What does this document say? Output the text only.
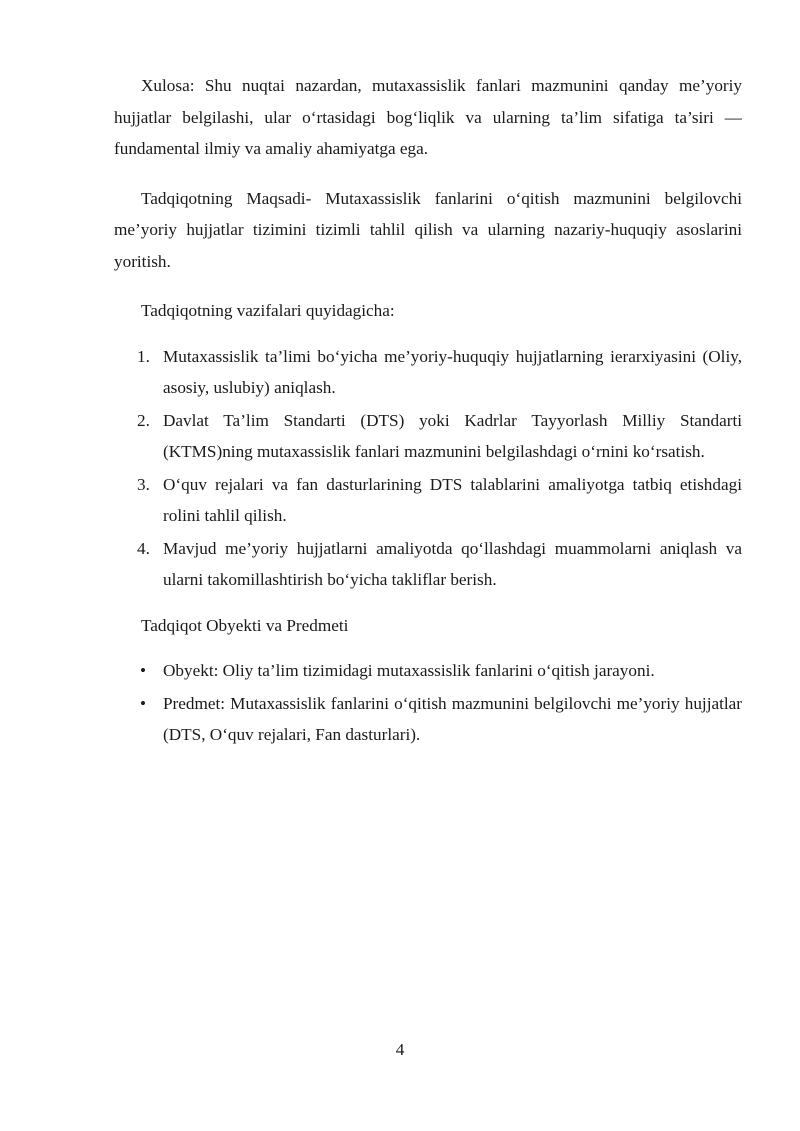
Xulosa: Shu nuqtai nazardan, mutaxassislik fanlari mazmunini qanday me’yoriy hujjatlar belgilashi, ular o‘rtasidagi bog‘liqlik va ularning ta’lim sifatiga ta’siri — fundamental ilmiy va amaliy ahamiyatga ega.

Tadqiqotning Maqsadi- Mutaxassislik fanlarini o‘qitish mazmunini belgilovchi me’yoriy hujjatlar tizimini tizimli tahlil qilish va ularning nazariy-huquqiy asoslarini yoritish.

Tadqiqotning vazifalari quyidagicha:

1. Mutaxassislik ta’limi bo‘yicha me’yoriy-huquqiy hujjatlarning ierarxiyasini (Oliy, asosiy, uslubiy) aniqlash.
2. Davlat Ta’lim Standarti (DTS) yoki Kadrlar Tayyorlash Milliy Standarti (KTMS)ning mutaxassislik fanlari mazmunini belgilashdagi o‘rnini ko‘rsatish.
3. O‘quv rejalari va fan dasturlarining DTS talablarini amaliyotga tatbiq etishdagi rolini tahlil qilish.
4. Mavjud me’yoriy hujjatlarni amaliyotda qo‘llashdagi muammolarni aniqlash va ularni takomillashtirish bo‘yicha takliflar berish.

Tadqiqot Obyekti va Predmeti

• Obyekt: Oliy ta’lim tizimidagi mutaxassislik fanlarini o‘qitish jarayoni.
• Predmet: Mutaxassislik fanlarini o‘qitish mazmunini belgilovchi me’yoriy hujjatlar (DTS, O‘quv rejalari, Fan dasturlari).
4
